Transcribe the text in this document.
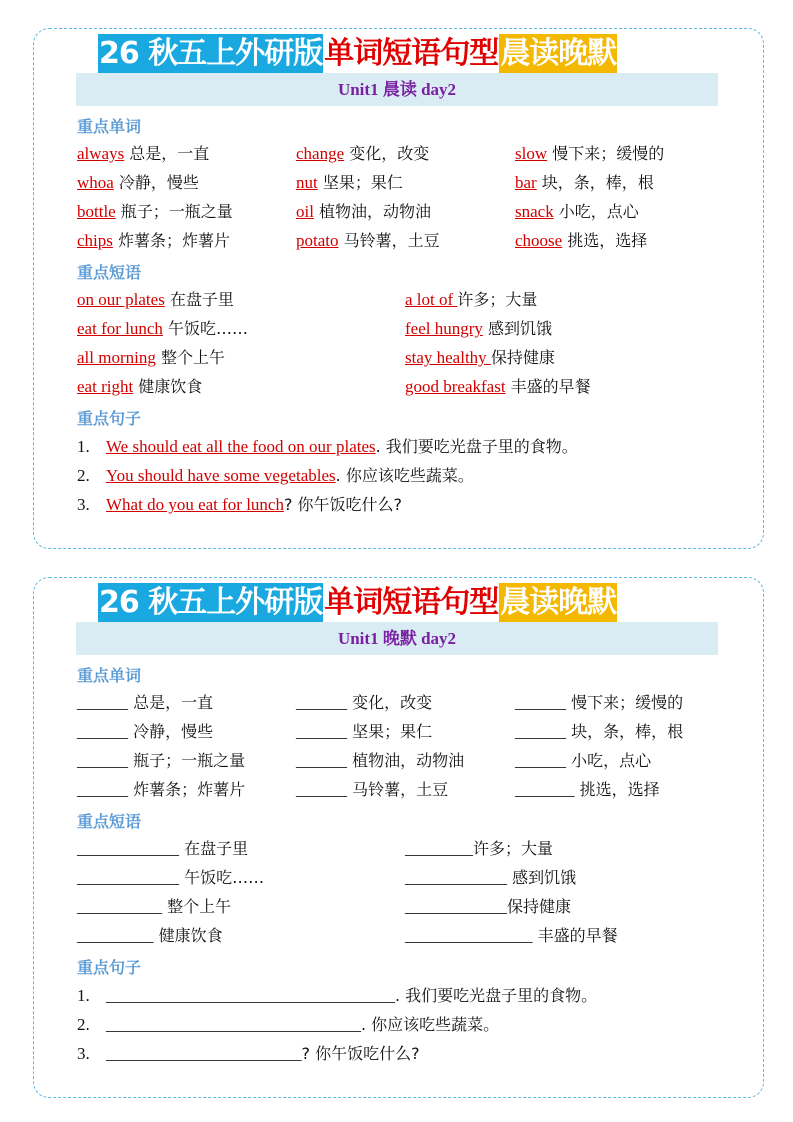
26 秋五上外研版 单词短语句型 晨读晚默
Unit1 晨读 day2
重点单词
always 总是，一直	change 变化，改变	slow 慢下来；缓慢的
whoa 冷静，慢些	nut 坚果；果仁	bar 块，条，棒，根
bottle 瓶子；一瓶之量	oil 植物油，动物油	snack 小吃，点心
chips 炸薯条；炸薯片	potato 马铃薯，土豆	choose 挑选，选择
重点短语
on our plates 在盘子里	a lot of 许多；大量
eat for lunch 午饭吃……	feel hungry 感到饥饿
all morning 整个上午	stay healthy 保持健康
eat right 健康饮食	good breakfast 丰盛的早餐
重点句子
1. We should eat all the food on our plates. 我们要吃光盘子里的食物。
2. You should have some vegetables. 你应该吃些蔬菜。
3. What do you eat for lunch? 你午饭吃什么?
26 秋五上外研版 单词短语句型 晨读晚默
Unit1 晚默 day2
重点单词
______ 总是，一直	______ 变化，改变	______ 慢下来；缓慢的
______ 冷静，慢些	______ 坚果；果仁	______ 块，条，棒，根
______ 瓶子；一瓶之量	______ 植物油，动物油	______ 小吃，点心
______ 炸薯条；炸薯片	______ 马铃薯，土豆	_______ 挑选，选择
重点短语
____________ 在盘子里	________许多；大量
____________ 午饭吃……	____________ 感到饥饿
__________ 整个上午	____________保持健康
_________ 健康饮食	_______________ 丰盛的早餐
重点句子
1. __________________________________. 我们要吃光盘子里的食物。
2. ______________________________. 你应该吃些蔬菜。
3. _______________________? 你午饭吃什么?
